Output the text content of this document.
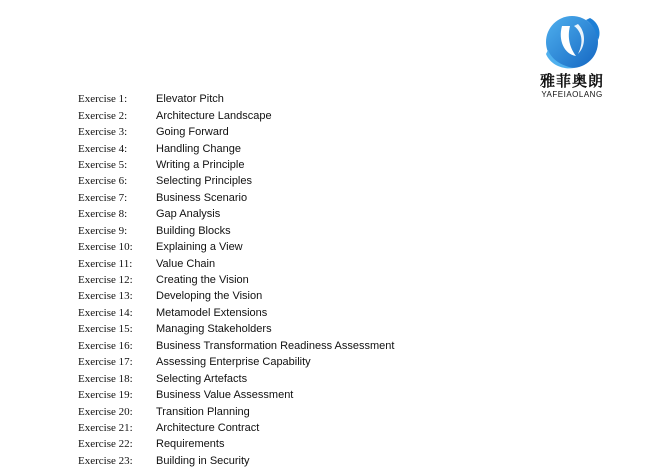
雅菲奥朗
YAFEIAOLANG
Exercise 1:	Elevator Pitch
Exercise 2:	Architecture Landscape
Exercise 3:	Going Forward
Exercise 4:	Handling Change
Exercise 5:	Writing a Principle
Exercise 6:	Selecting Principles
Exercise 7:	Business Scenario
Exercise 8:	Gap Analysis
Exercise 9:	Building Blocks
Exercise 10:	Explaining a View
Exercise 11:	Value Chain
Exercise 12:	Creating the Vision
Exercise 13:	Developing the Vision
Exercise 14:	Metamodel Extensions
Exercise 15:	Managing Stakeholders
Exercise 16:	Business Transformation Readiness Assessment
Exercise 17:	Assessing Enterprise Capability
Exercise 18:	Selecting Artefacts
Exercise 19:	Business Value Assessment
Exercise 20:	Transition Planning
Exercise 21:	Architecture Contract
Exercise 22:	Requirements
Exercise 23:	Building in Security
